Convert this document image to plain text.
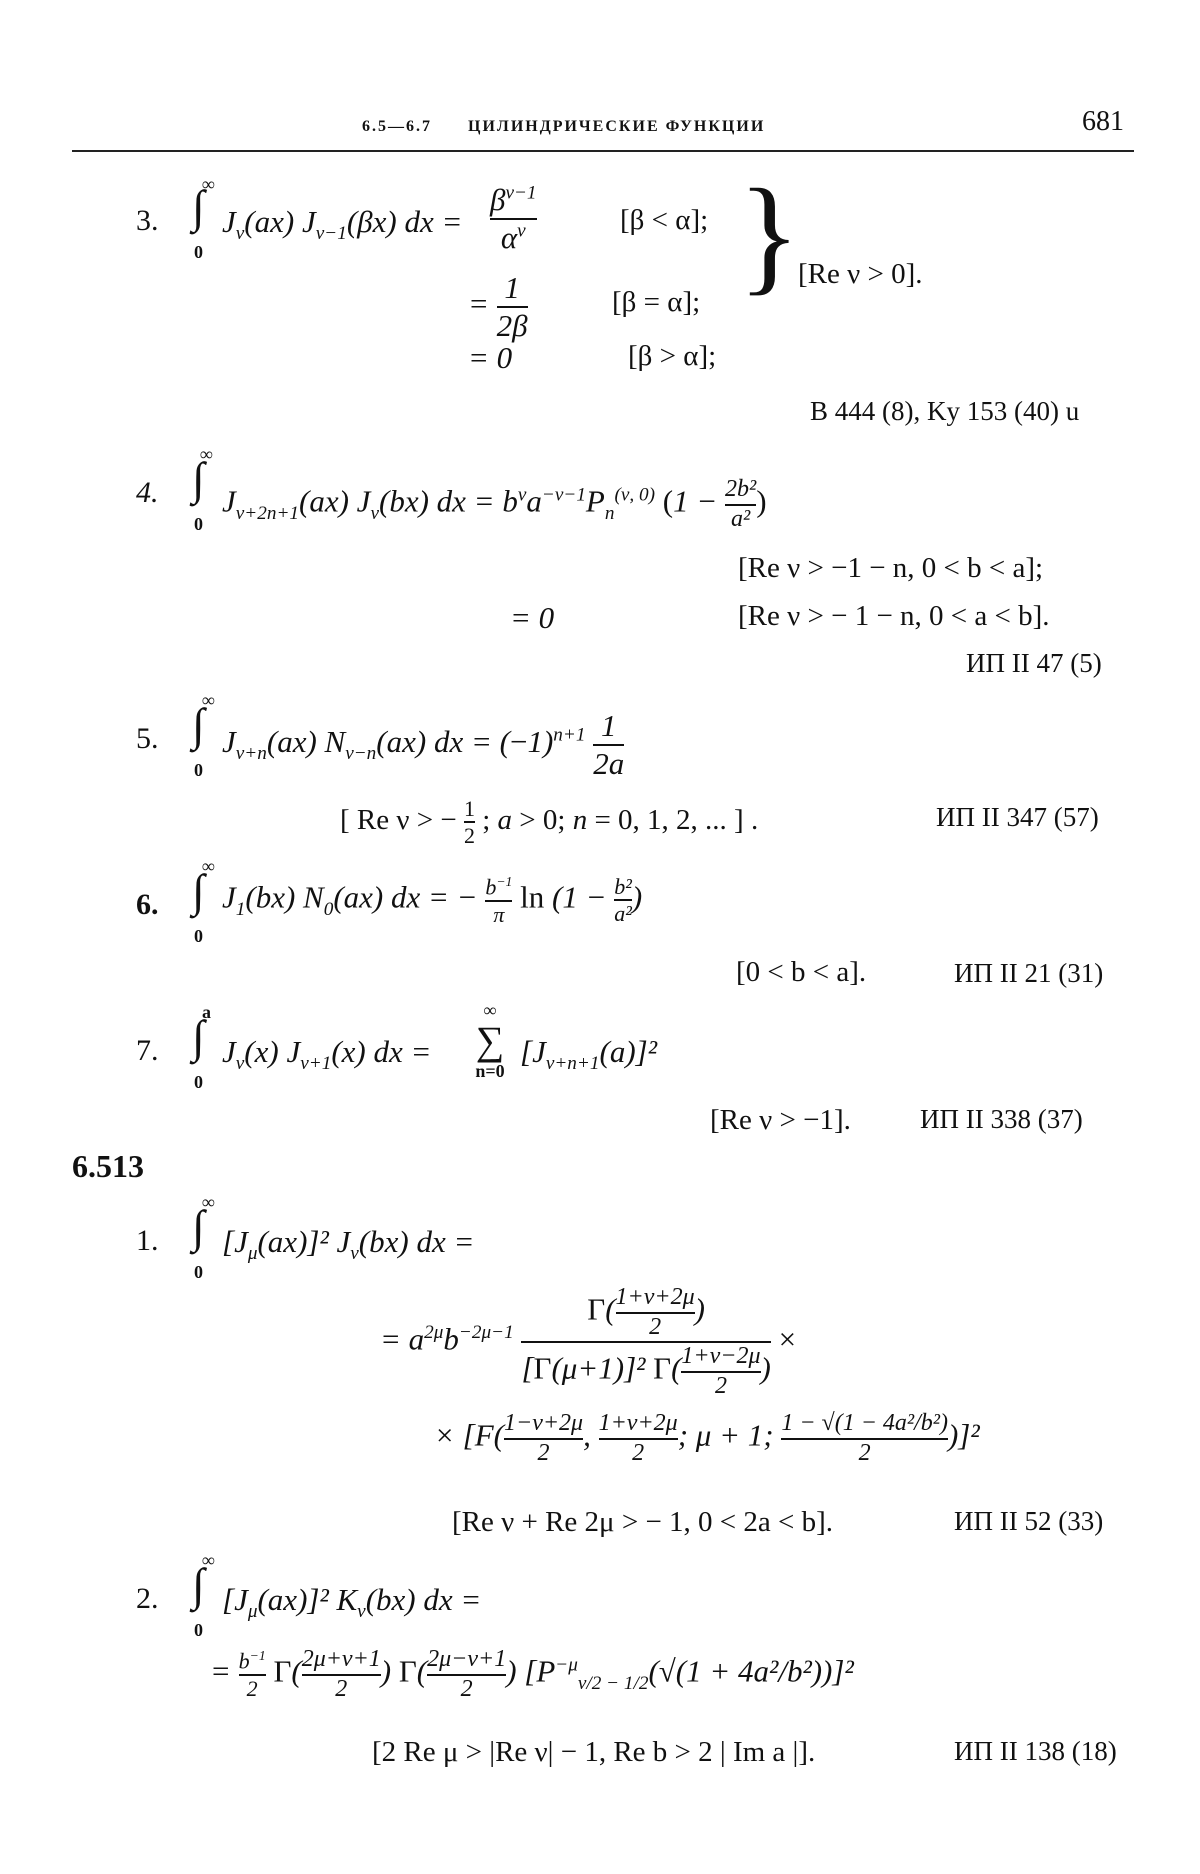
6.5—6.7 ЦИЛИНДРИЧЕСКИЕ ФУНКЦИИ	681
3.
∞
∫
0
$J_\nu(ax)$ $J_{\nu-1}(\beta x)$ dx = $\frac{\beta^{\nu-1}}{\alpha^\nu}$	[β < α];
= $\frac{1}{2\beta}$	[β = α];
= 0	[β > α];
}
[Re ν > 0].
B 444 (8), Ky 153 (40) u
4.
∞
∫
0
$J_{\nu+2n+1}(ax)$ $J_\nu(bx)$ dx = $b^\nu a^{-\nu-1}P_n^{(\nu, 0)}$ ($1 - \frac{\text{2b²}}{\text{a²}}$ )
[Re ν > −1 − n, 0 < b < a];
= 0	[Re ν > − 1 − n, 0 < a < b].
ИП II 47 (5)
5.
∞
∫
0
$J_{\nu+n}(ax)$ $N_{\nu-n}(ax)$ dx = $(-1)^{n+1} \frac{1}{2a}$
[ Re ν > − $\frac{1}{2}$ ; a > 0; n = 0, 1, 2, ... ] .	ИП II 347 (57)
6.
∞
∫
0
$J_1(bx)$ $N_0(ax)$ dx = − $\frac{b^{-1}}{\pi}$ $\ln (1 - \frac{\text{b²}}{\text{a²}}$ )
[0 < b < a].	ИП II 21 (31)
7.
a
∫
0
$J_\nu(x)$ $J_{\nu+1}(x)$ dx =
∞
∑
n=0
$[J_{\nu+n+1}(a)]^2$
[Re ν > −1].	ИП II 338 (37)
6.513
1.
∞
∫
0
$[J_\mu(ax)]^2$ $J_\nu(bx)$ dx =
= $a^{2\mu}b^{-2\mu-1} \frac{\Gamma( \frac{1+\nu+2\mu}{2} )}{[\Gamma(\mu+1)]^2 \Gamma( \frac{1+\nu-2\mu}{2} )}$ ×
× [$F( \frac{1-\nu+2\mu}{2}$ , $\frac{1+\nu+2\mu}{2}$ ; μ + 1; $\frac{\text{1 − √(1 − 4a²/b²)}}{2} )]^2$
[Re ν + Re 2μ > − 1, 0 < 2a < b].	ИП II 52 (33)
2.
∞
∫
0
$[J_\mu(ax)]^2$ $K_\nu(bx)$ dx =
= $\frac{b^{-1}}{2} \Gamma( \frac{2\mu+\nu+1}{2}$ ) $\Gamma( \frac{2\mu-\nu+1}{2}$ ) $[P^{-\mu}_{\nu/2 - 1/2}(√(1 + 4a^2/b^2))]^2$
[2 Re μ > |Re ν| − 1, Re b > 2 | Im a |].	ИП II 138 (18)
